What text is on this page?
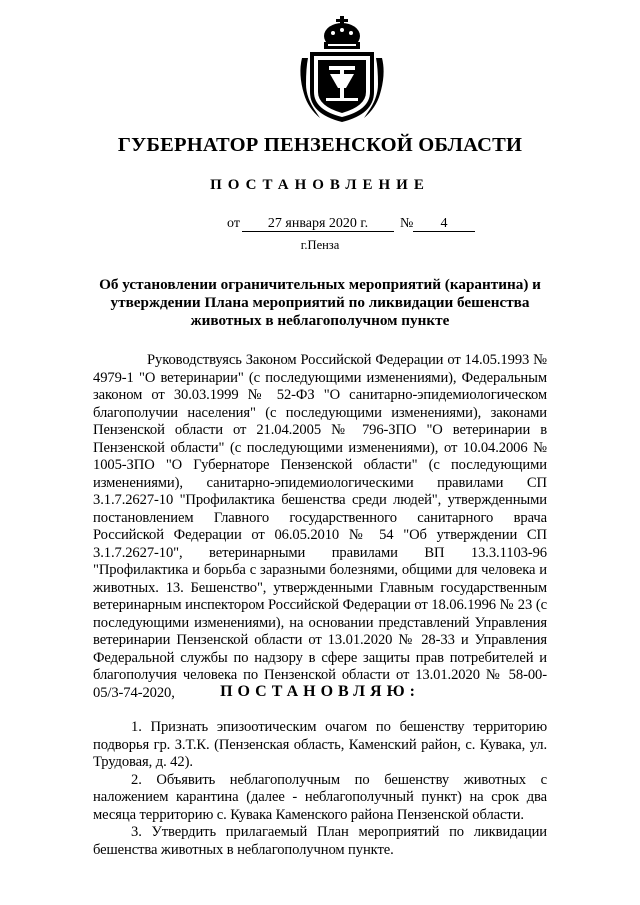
ГУБЕРНАТОР ПЕНЗЕНСКОЙ ОБЛАСТИ
ПОСТАНОВЛЕНИЕ
от	27 января 2020 г.	№	4
г.Пенза
Об установлении ограничительных мероприятий (карантина) и утверждении Плана мероприятий по ликвидации бешенства животных в неблагополучном пункте
Руководствуясь Законом Российской Федерации от 14.05.1993 № 4979-1 "О ветеринарии" (с последующими изменениями), Федеральным законом от 30.03.1999 № 52-ФЗ "О санитарно-эпидемиологическом благополучии населения" (с последующими изменениями), законами Пензенской области от 21.04.2005 № 796-ЗПО "О ветеринарии в Пензенской области" (с последующими изменениями), от 10.04.2006 № 1005-ЗПО "О Губернаторе Пензенской области" (с последующими изменениями), санитарно-эпидемиологическими правилами СП 3.1.7.2627-10 "Профилактика бешенства среди людей", утвержденными постановлением Главного государственного санитарного врача Российской Федерации от 06.05.2010 № 54 "Об утверждении СП 3.1.7.2627-10", ветеринарными правилами ВП 13.3.1103-96 "Профилактика и борьба с заразными болезнями, общими для человека и животных. 13. Бешенство", утвержденными Главным государственным ветеринарным инспектором Российской Федерации от 18.06.1996 № 23 (с последующими изменениями), на основании представлений Управления ветеринарии Пензенской области от 13.01.2020 № 28-33 и Управления Федеральной службы по надзору в сфере защиты прав потребителей и благополучия человека по Пензенской области от 13.01.2020 № 58-00-05/3-74-2020,	ПОСТАНОВЛЯЮ:

1. Признать эпизоотическим очагом по бешенству территорию подворья гр. З.Т.К. (Пензенская область, Каменский район, с. Кувака, ул. Трудовая, д. 42).

2. Объявить неблагополучным по бешенству животных с наложением карантина (далее - неблагополучный пункт) на срок два месяца территорию с. Кувака Каменского района Пензенской области.

3. Утвердить прилагаемый План мероприятий по ликвидации бешенства животных в неблагополучном пункте.
